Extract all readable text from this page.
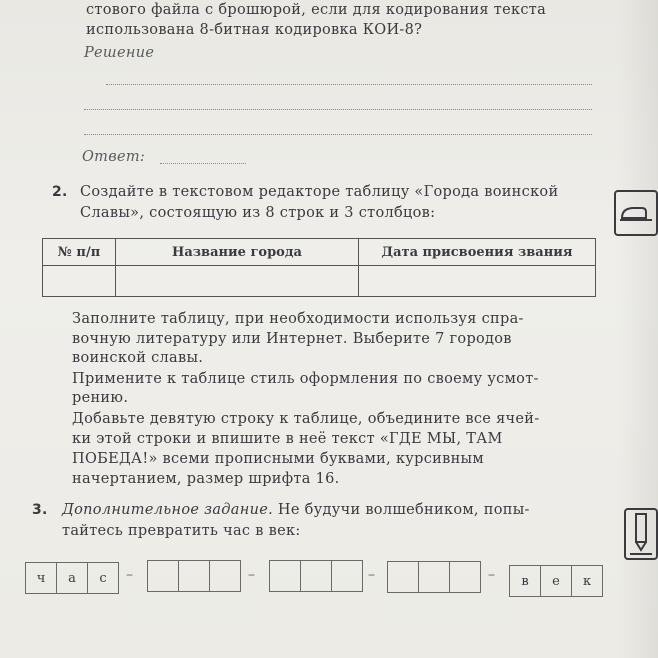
стового файла с брошюрой, если для кодирования текста
использована 8-битная кодировка КОИ-8?
Решение
Ответ:
2. Создайте в текстовом редакторе таблицу «Города воинской
Славы», состоящую из 8 строк и 3 столбцов:
№ п/п	Название города	Дата присвоения звания

Заполните таблицу, при необходимости используя спра-
вочную литературу или Интернет. Выберите 7 городов
воинской славы.
Примените к таблице стиль оформления по своему усмот-
рению.
Добавьте девятую строку к таблице, объедините все ячей-
ки этой строки и впишите в неё текст «ГДЕ МЫ, ТАМ
ПОБЕДА!» всеми прописными буквами, курсивным
начертанием, размер шрифта 16.
3. Дополнительное задание. Не будучи волшебником, попы-
тайтесь превратить час в век:
ч	а	с	–	–	–	–	в	е	к
